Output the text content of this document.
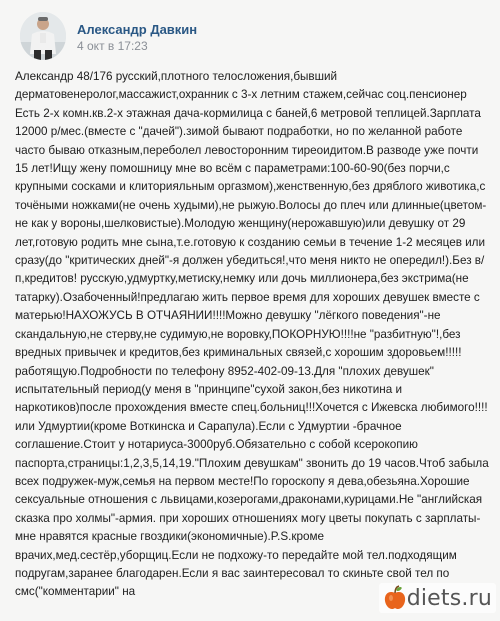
Александр Давкин
4 окт в 17:23

Александр 48/176 русский,плотного телосложения,бывший дерматовенеролог,массажист,охранник с 3-х летним стажем,сейчас соц.пенсионер Есть 2-х комн.кв.2-х этажная дача-кормилица с баней,6 метровой теплицей.Зарплата 12000 р/мес.(вместе с "дачей").зимой бывают подработки, но по желанной работе часто бываю отказным,переболел левосторонним тиреоидитом.В разводе уже почти 15 лет!Ищу жену помошницу мне во всём с параметрами:100-60-90(без порчи,с крупными сосками и клиторияльным оргазмом),женственную,без дряблого животика,с точёными ножками(не очень худыми),не рыжую.Волосы до плеч или длинные(цветом-не как у вороны,шелковистые).Молодую женщину(нерожавшую)или девушку от 29 лет,готовую родить мне сына,т.е.готовую к созданию семьи в течение 1-2 месяцев или сразу(до "критических дней"-я должен убедиться!,что меня никто не опередил!).Без в/п,кредитов! русскую,удмуртку,метиску,немку или дочь миллионера,без экстрима(не татарку).Озабоченный!предлагаю жить первое время для хороших девушек вместе с матерью!НАХОЖУСЬ В ОТЧАЯНИИ!!!!Можно девушку "лёгкого поведения"-не скандальную,не стерву,не судимую,не воровку,ПОКОРНУЮ!!!!не "разбитную"!,без вредных привычек и кредитов,без криминальных связей,с хорошим здоровьем!!!!!работящую.Подробности по телефону 8952-402-09-13.Для "плохих девушек" испытательный период(у меня в "принципе"сухой закон,без никотина и наркотиков)после прохождения вместе спец.больниц!!!Хочется с Ижевска любимого!!!!или Удмуртии(кроме Воткинска и Сарапула).Если с Удмуртии -брачное соглашение.Стоит у нотариуса-3000руб.Обязательно с собой ксерокопию паспорта,страницы:1,2,3,5,14,19."Плохим девушкам" звонить до 19 часов.Чтоб забыла всех подружек-муж,семья на первом месте!По гороскопу я дева,обезьяна.Хорошие сексуальные отношения с львицами,козерогами,драконами,курицами.Не "английская сказка про холмы"-армия. при хороших отношениях могу цветы покупать с зарплаты-мне нравятся красные гвоздики(экономичные).P.S.кроме врачих,мед.сестёр,уборщиц.Если не подхожу-то передайте мой тел.подходящим подругам,заранее благодарен.Если я вас заинтересовал то скиньте свой тел по смс("комментарии" на	diets.ru
